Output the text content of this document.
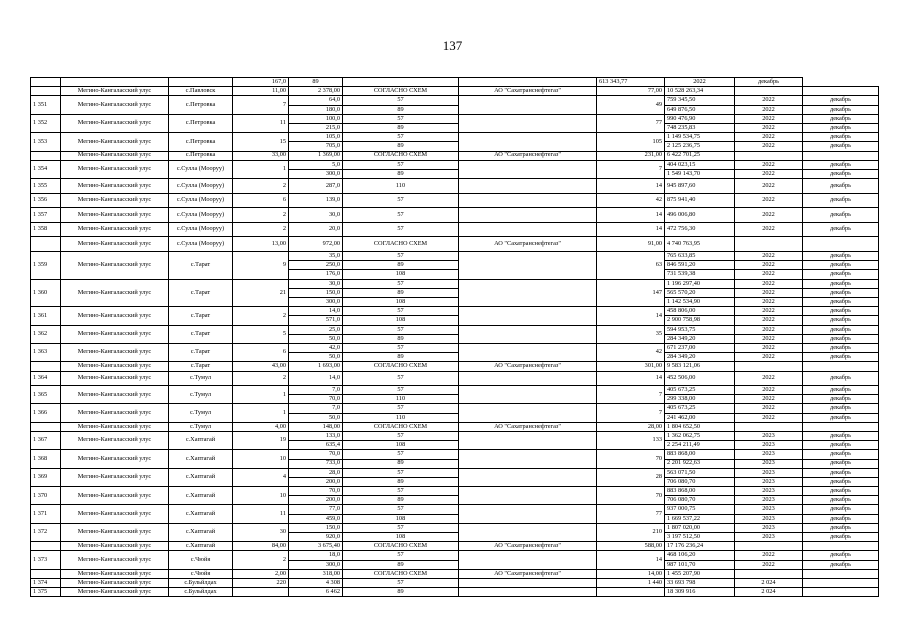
137
			167,0	89			613 343,77	2022	декабрь	
	Мегино-Кангаласский улус	с.Павловск	11,00	2 378,00	СОГЛАСНО СХЕМ	АО "Сахатранснефтегаз"	77,00	10 528 263,34		
1 351	Мегино-Кангаласский улус	с.Петровка	7	64,0	57		49	759 345,50	2022	декабрь
				180,0	89			649 876,50	2022	декабрь
1 352	Мегино-Кангаласский улус	с.Петровка	11	100,0	57		77	990 476,90	2022	декабрь
				215,0	89			748 235,83	2022	декабрь
1 353	Мегино-Кангаласский улус	с.Петровка	15	105,0	57		105	1 149 534,75	2022	декабрь
				705,0	89			2 125 236,75	2022	декабрь
	Мегино-Кангаласский улус	с.Петровка	33,00	1 369,00	СОГЛАСНО СХЕМ	АО "Сахатранснефтегаз"	231,00	6 422 701,25		
1 354	Мегино-Кангаласский улус	с.Сулла (Мооруу)	1	5,0	57		7	404 023,15	2022	декабрь
				300,0	89			1 549 143,70	2022	декабрь
1 355	Мегино-Кангаласский улус	с.Сулла (Мооруу)	2	287,0	110		14	945 897,60	2022	декабрь
1 356	Мегино-Кангаласский улус	с.Сулла (Мооруу)	6	139,0	57		42	875 941,40	2022	декабрь
1 357	Мегино-Кангаласский улус	с.Сулла (Мооруу)	2	30,0	57		14	496 006,80	2022	декабрь
1 358	Мегино-Кангаласский улус	с.Сулла (Мооруу)	2	20,0	57		14	472 756,30	2022	декабрь
	Мегино-Кангаласский улус	с.Сулла (Мооруу)	13,00	972,00	СОГЛАСНО СХЕМ	АО "Сахатранснефтегаз"	91,00	4 740 763,95		
1 359	Мегино-Кангаласский улус	с.Тарат	9	35,0	57		63	765 633,85	2022	декабрь
				250,0	89			846 591,20	2022	декабрь
				176,0	108			731 539,38	2022	декабрь
1 360	Мегино-Кангаласский улус	с.Тарат	21	30,0	57		147	1 196 297,40	2022	декабрь
				150,0	89			565 570,20	2022	декабрь
				300,0	108			1 142 534,90	2022	декабрь
1 361	Мегино-Кангаласский улус	с.Тарат	2	14,0	57		14	458 806,00	2022	декабрь
				571,0	108			2 900 758,98	2022	декабрь
1 362	Мегино-Кангаласский улус	с.Тарат	5	25,0	57		35	594 953,75	2022	декабрь
				50,0	89			284 349,20	2022	декабрь
1 363	Мегино-Кангаласский улус	с.Тарат	6	42,0	57		42	671 237,00	2022	декабрь
				50,0	89			284 349,20	2022	декабрь
	Мегино-Кангаласский улус	с.Тарат	43,00	1 693,00	СОГЛАСНО СХЕМ	АО "Сахатранснефтегаз"	301,00	9 583 121,06		
1 364	Мегино-Кангаласский улус	с.Тумул	2	14,0	57		14	452 506,00	2022	декабрь
1 365	Мегино-Кангаласский улус	с.Тумул	1	7,0	57		7	405 673,25	2022	декабрь
				70,0	110			299 338,00	2022	декабрь
1 366	Мегино-Кангаласский улус	с.Тумул	1	7,0	57		7	405 673,25	2022	декабрь
				50,0	110			241 462,00	2022	декабрь
	Мегино-Кангаласский улус	с.Тумул	4,00	148,00	СОГЛАСНО СХЕМ	АО "Сахатранснефтегаз"	28,00	1 804 652,50		
1 367	Мегино-Кангаласский улус	с.Хаптагай	19	133,0	57		133	1 362 062,75	2023	декабрь
				635,4	108			2 254 211,49	2023	декабрь
1 368	Мегино-Кангаласский улус	с.Хаптагай	10	70,0	57		70	883 868,00	2023	декабрь
				733,0	89			2 201 922,63	2023	декабрь
1 369	Мегино-Кангаласский улус	с.Хаптагай	4	28,0	57		28	563 071,50	2023	декабрь
				200,0	89			706 080,70	2023	декабрь
1 370	Мегино-Кангаласский улус	с.Хаптагай	10	70,0	57		70	883 868,00	2023	декабрь
				200,0	89			706 080,70	2023	декабрь
1 371	Мегино-Кангаласский улус	с.Хаптагай	11	77,0	57		77	937 000,75	2023	декабрь
				459,0	108			1 669 537,22	2023	декабрь
1 372	Мегино-Кангаласский улус	с.Хаптагай	30	150,0	57		210	1 807 020,00	2023	декабрь
				920,0	108			3 197 512,50	2023	декабрь
	Мегино-Кангаласский улус	с.Хаптагай	84,00	3 675,40	СОГЛАСНО СХЕМ	АО "Сахатранснефтегаз"	588,00	17 176 236,24		
1 373	Мегино-Кангаласский улус	с.Чюйя	2	18,0	57		14	468 106,20	2022	декабрь
				300,0	89			987 101,70	2022	декабрь
	Мегино-Кангаласский улус	с.Чюйя	2,00	318,00	СОГЛАСНО СХЕМ	АО "Сахатранснефтегаз"	14,00	1 455 207,90		
1 374	Мегино-Кангаласский улус	с.Бульйлдах	220	4 308	57		1 440	33 693 798	2 024	
1 375	Мегино-Кангаласский улус	с.Бульйлдах		6 462	89			18 309 916	2 024	
